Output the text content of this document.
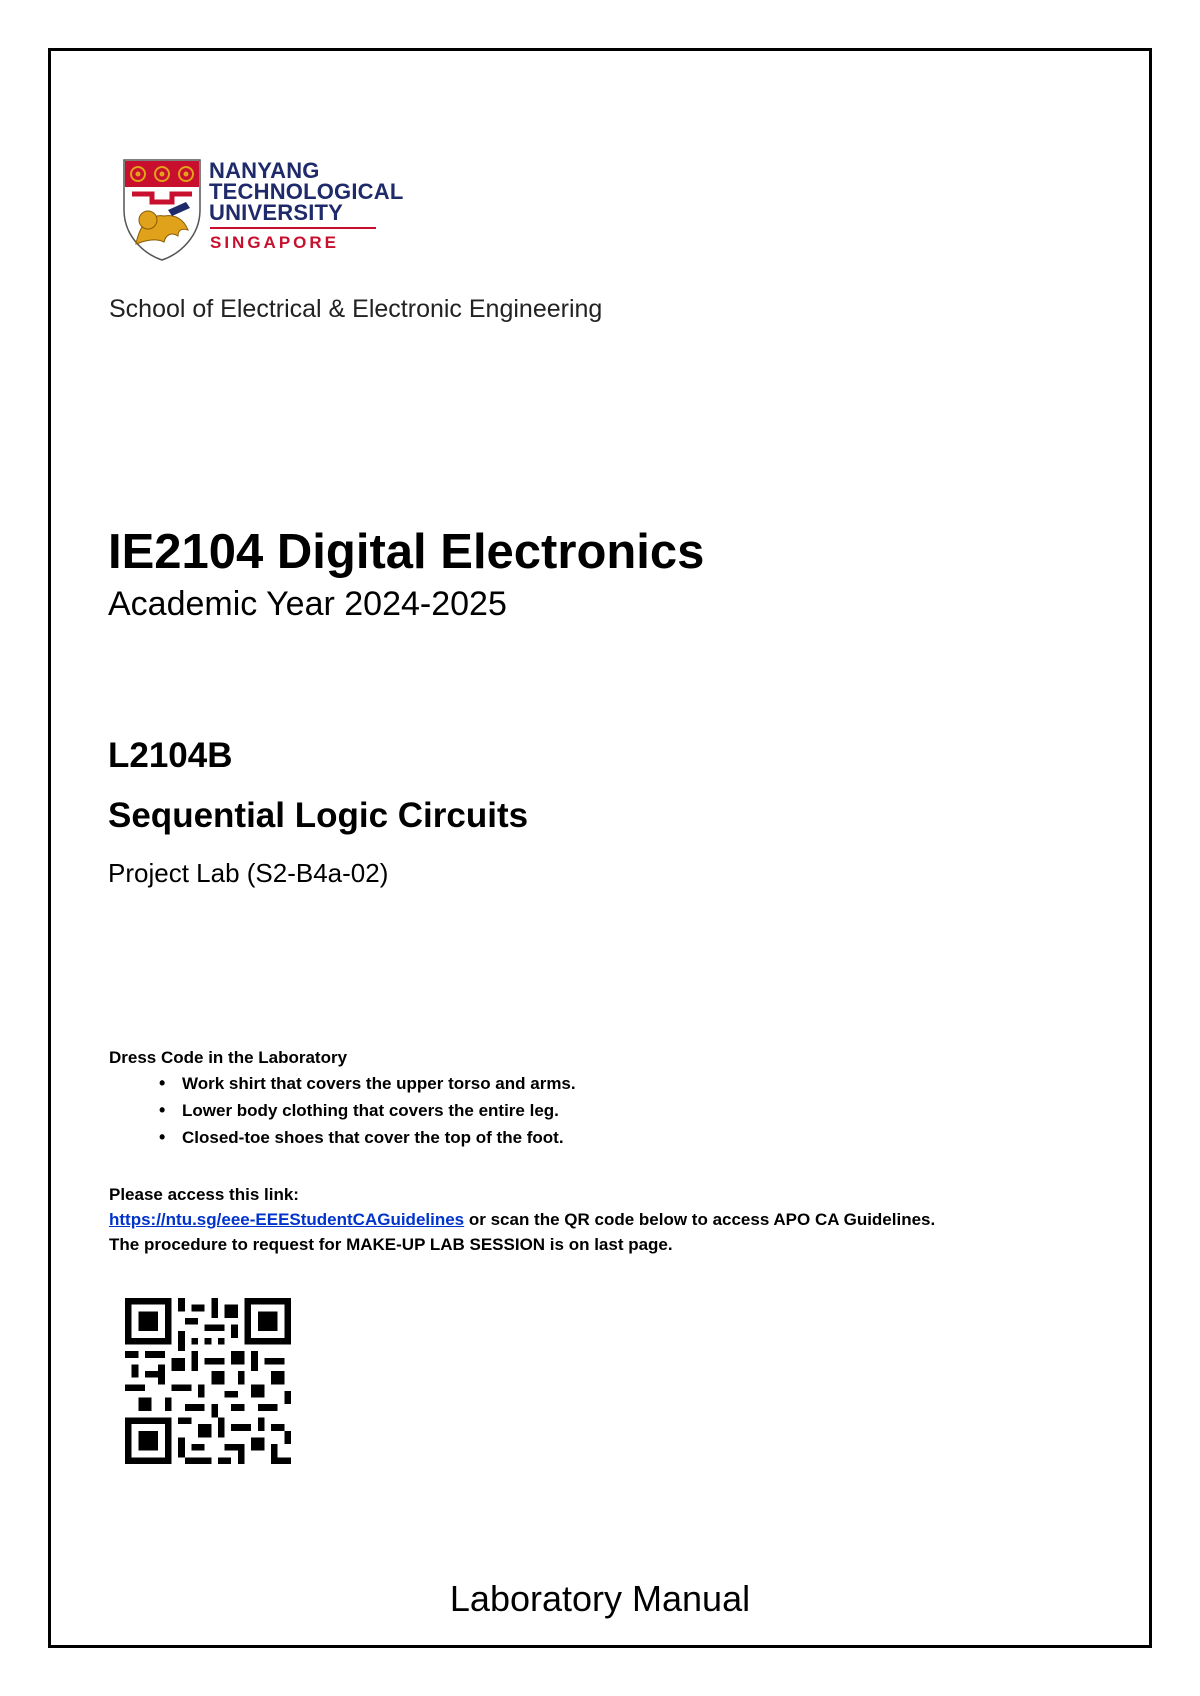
NANYANG
TECHNOLOGICAL
UNIVERSITY
SINGAPORE
School of Electrical & Electronic Engineering
IE2104 Digital Electronics
Academic Year 2024-2025
L2104B
Sequential Logic Circuits
Project Lab (S2-B4a-02)
Dress Code in the Laboratory
• Work shirt that covers the upper torso and arms.
• Lower body clothing that covers the entire leg.
• Closed-toe shoes that cover the top of the foot.
Please access this link:
https://ntu.sg/eee-EEEStudentCAGuidelines or scan the QR code below to access APO CA Guidelines.
The procedure to request for MAKE-UP LAB SESSION is on last page.
Laboratory Manual
